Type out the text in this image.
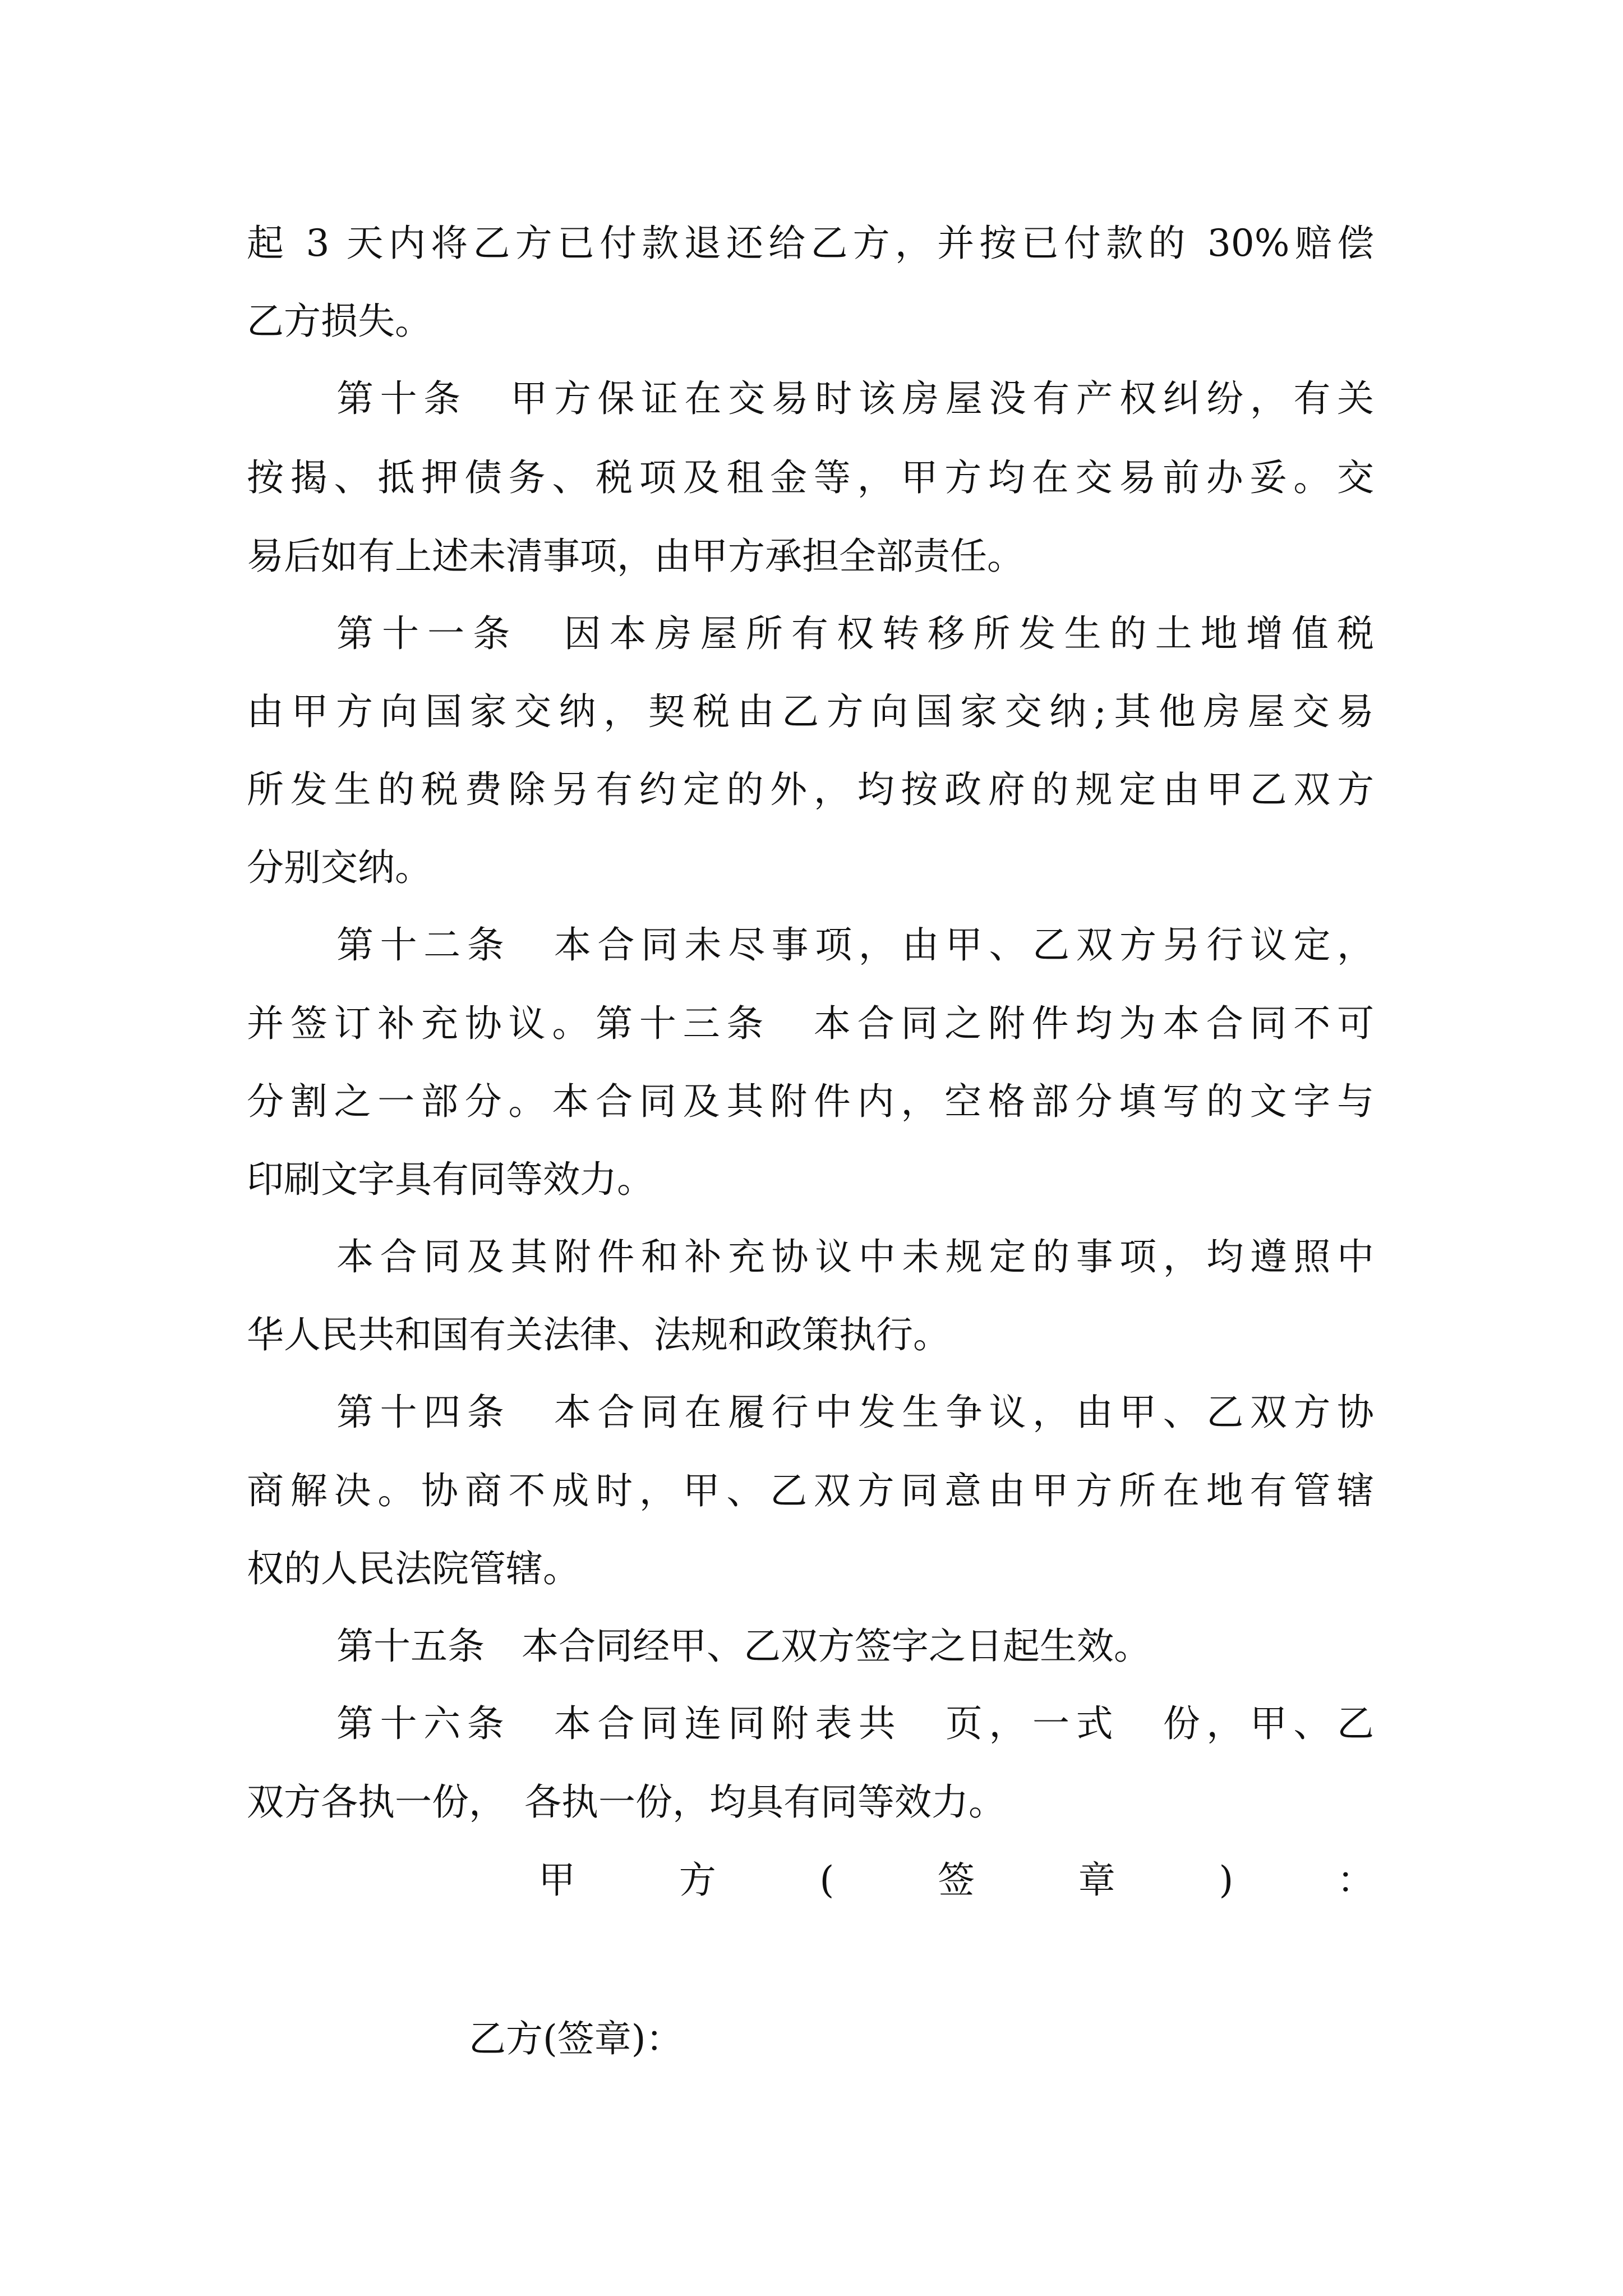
起 3 天内将乙方已付款退还给乙方，并按已付款的 30%赔偿
乙方损失。
第十条　甲方保证在交易时该房屋没有产权纠纷，有关
按揭、抵押债务、税项及租金等，甲方均在交易前办妥。交
易后如有上述未清事项，由甲方承担全部责任。
第十一条　因本房屋所有权转移所发生的土地增值税
由甲方向国家交纳，契税由乙方向国家交纳;其他房屋交易
所发生的税费除另有约定的外，均按政府的规定由甲乙双方
分别交纳。
第十二条　本合同未尽事项，由甲、乙双方另行议定，
并签订补充协议。第十三条　本合同之附件均为本合同不可
分割之一部分。本合同及其附件内，空格部分填写的文字与
印刷文字具有同等效力。
本合同及其附件和补充协议中未规定的事项，均遵照中
华人民共和国有关法律、法规和政策执行。
第十四条　本合同在履行中发生争议，由甲、乙双方协
商解决。协商不成时，甲、乙双方同意由甲方所在地有管辖
权的人民法院管辖。
第十五条　本合同经甲、乙双方签字之日起生效。
第十六条　本合同连同附表共　页，一式　份，甲、乙
双方各执一份，　各执一份，均具有同等效力。
甲方(签章)：
乙方(签章)：
